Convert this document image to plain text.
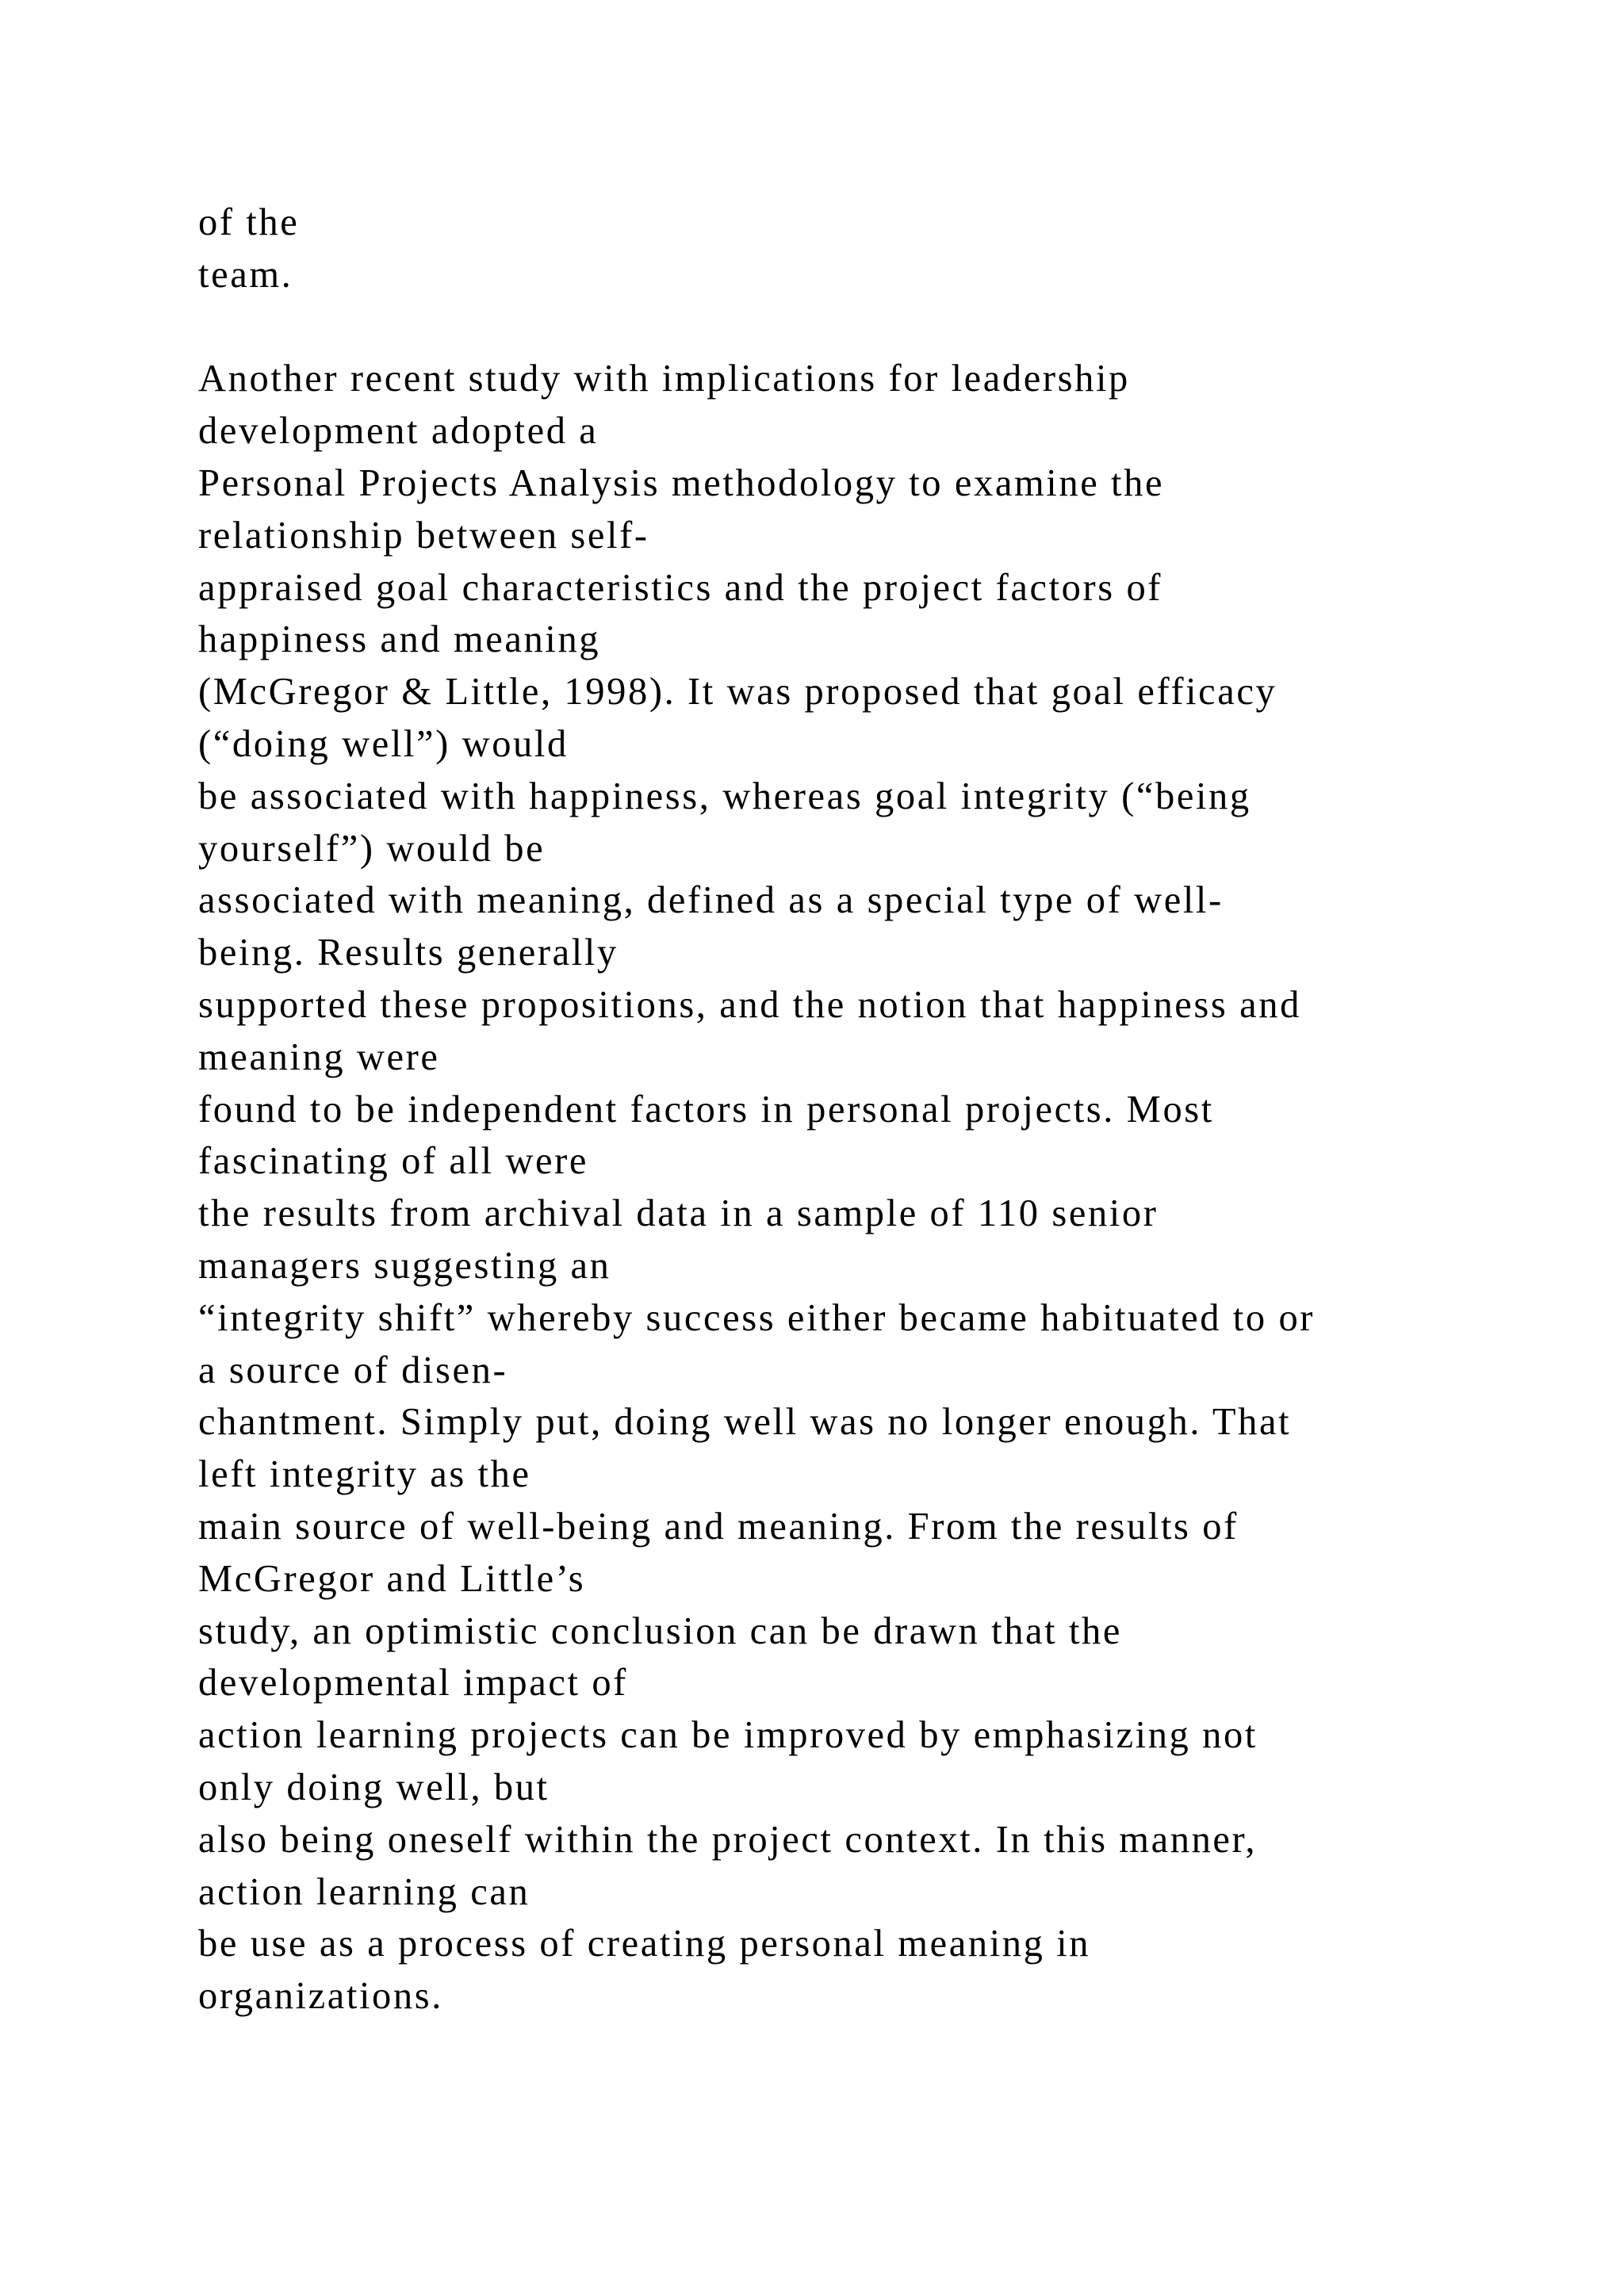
of the
team.
Another recent study with implications for leadership
development adopted a
Personal Projects Analysis methodology to examine the
relationship between self-
appraised goal characteristics and the project factors of
happiness and meaning
(McGregor & Little, 1998). It was proposed that goal efficacy
(“doing well”) would
be associated with happiness, whereas goal integrity (“being
yourself”) would be
associated with meaning, defined as a special type of well-
being. Results generally
supported these propositions, and the notion that happiness and
meaning were
found to be independent factors in personal projects. Most
fascinating of all were
the results from archival data in a sample of 110 senior
managers suggesting an
“integrity shift” whereby success either became habituated to or
a source of disen-
chantment. Simply put, doing well was no longer enough. That
left integrity as the
main source of well-being and meaning. From the results of
McGregor and Little’s
study, an optimistic conclusion can be drawn that the
developmental impact of
action learning projects can be improved by emphasizing not
only doing well, but
also being oneself within the project context. In this manner,
action learning can
be use as a process of creating personal meaning in
organizations.
